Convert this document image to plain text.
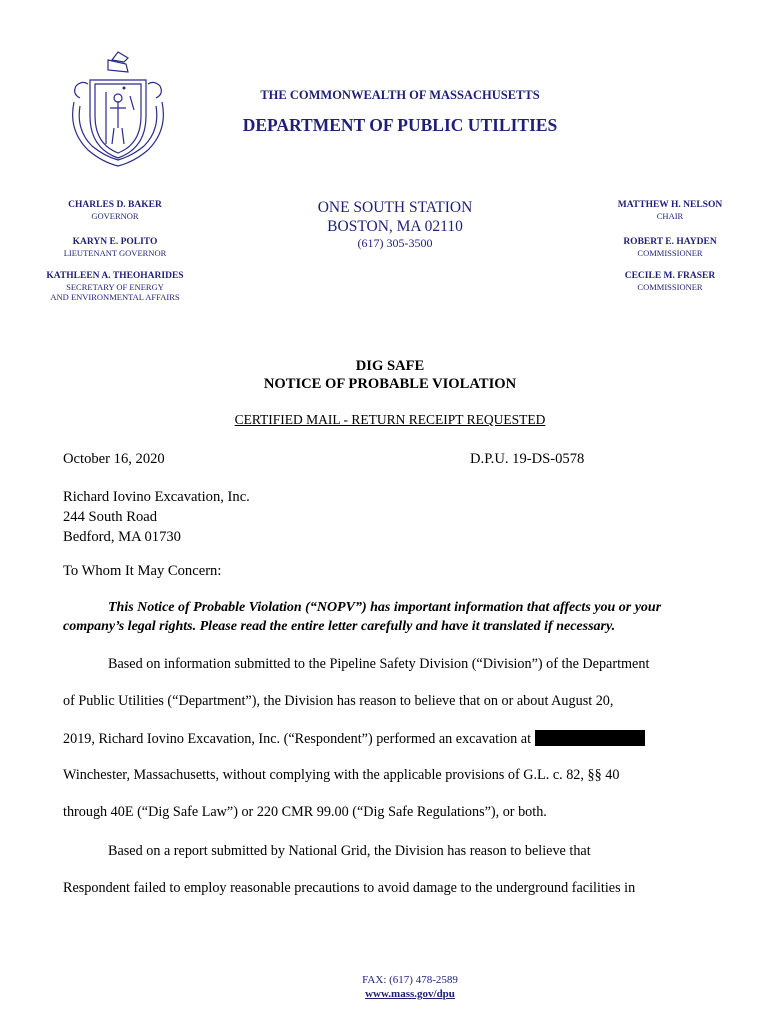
THE COMMONWEALTH OF MASSACHUSETTS
DEPARTMENT OF PUBLIC UTILITIES
CHARLES D. BAKER
GOVERNOR
KARYN E. POLITO
LIEUTENANT GOVERNOR
KATHLEEN A. THEOHARIDES
SECRETARY OF ENERGY
AND ENVIRONMENTAL AFFAIRS
ONE SOUTH STATION
BOSTON, MA 02110
(617) 305-3500
MATTHEW H. NELSON
CHAIR
ROBERT E. HAYDEN
COMMISSIONER
CECILE M. FRASER
COMMISSIONER
DIG SAFE
NOTICE OF PROBABLE VIOLATION
CERTIFIED MAIL - RETURN RECEIPT REQUESTED
October 16, 2020	D.P.U. 19-DS-0578
Richard Iovino Excavation, Inc.
244 South Road
Bedford, MA 01730
To Whom It May Concern:
This Notice of Probable Violation (“NOPV”) has important information that affects you or your
company’s legal rights. Please read the entire letter carefully and have it translated if necessary.
Based on information submitted to the Pipeline Safety Division (“Division”) of the Department
of Public Utilities (“Department”), the Division has reason to believe that on or about August 20,
2019, Richard Iovino Excavation, Inc. (“Respondent”) performed an excavation at
Winchester, Massachusetts, without complying with the applicable provisions of G.L. c. 82, §§ 40
through 40E (“Dig Safe Law”) or 220 CMR 99.00 (“Dig Safe Regulations”), or both.
Based on a report submitted by National Grid, the Division has reason to believe that
Respondent failed to employ reasonable precautions to avoid damage to the underground facilities in
FAX: (617) 478-2589
www.mass.gov/dpu
